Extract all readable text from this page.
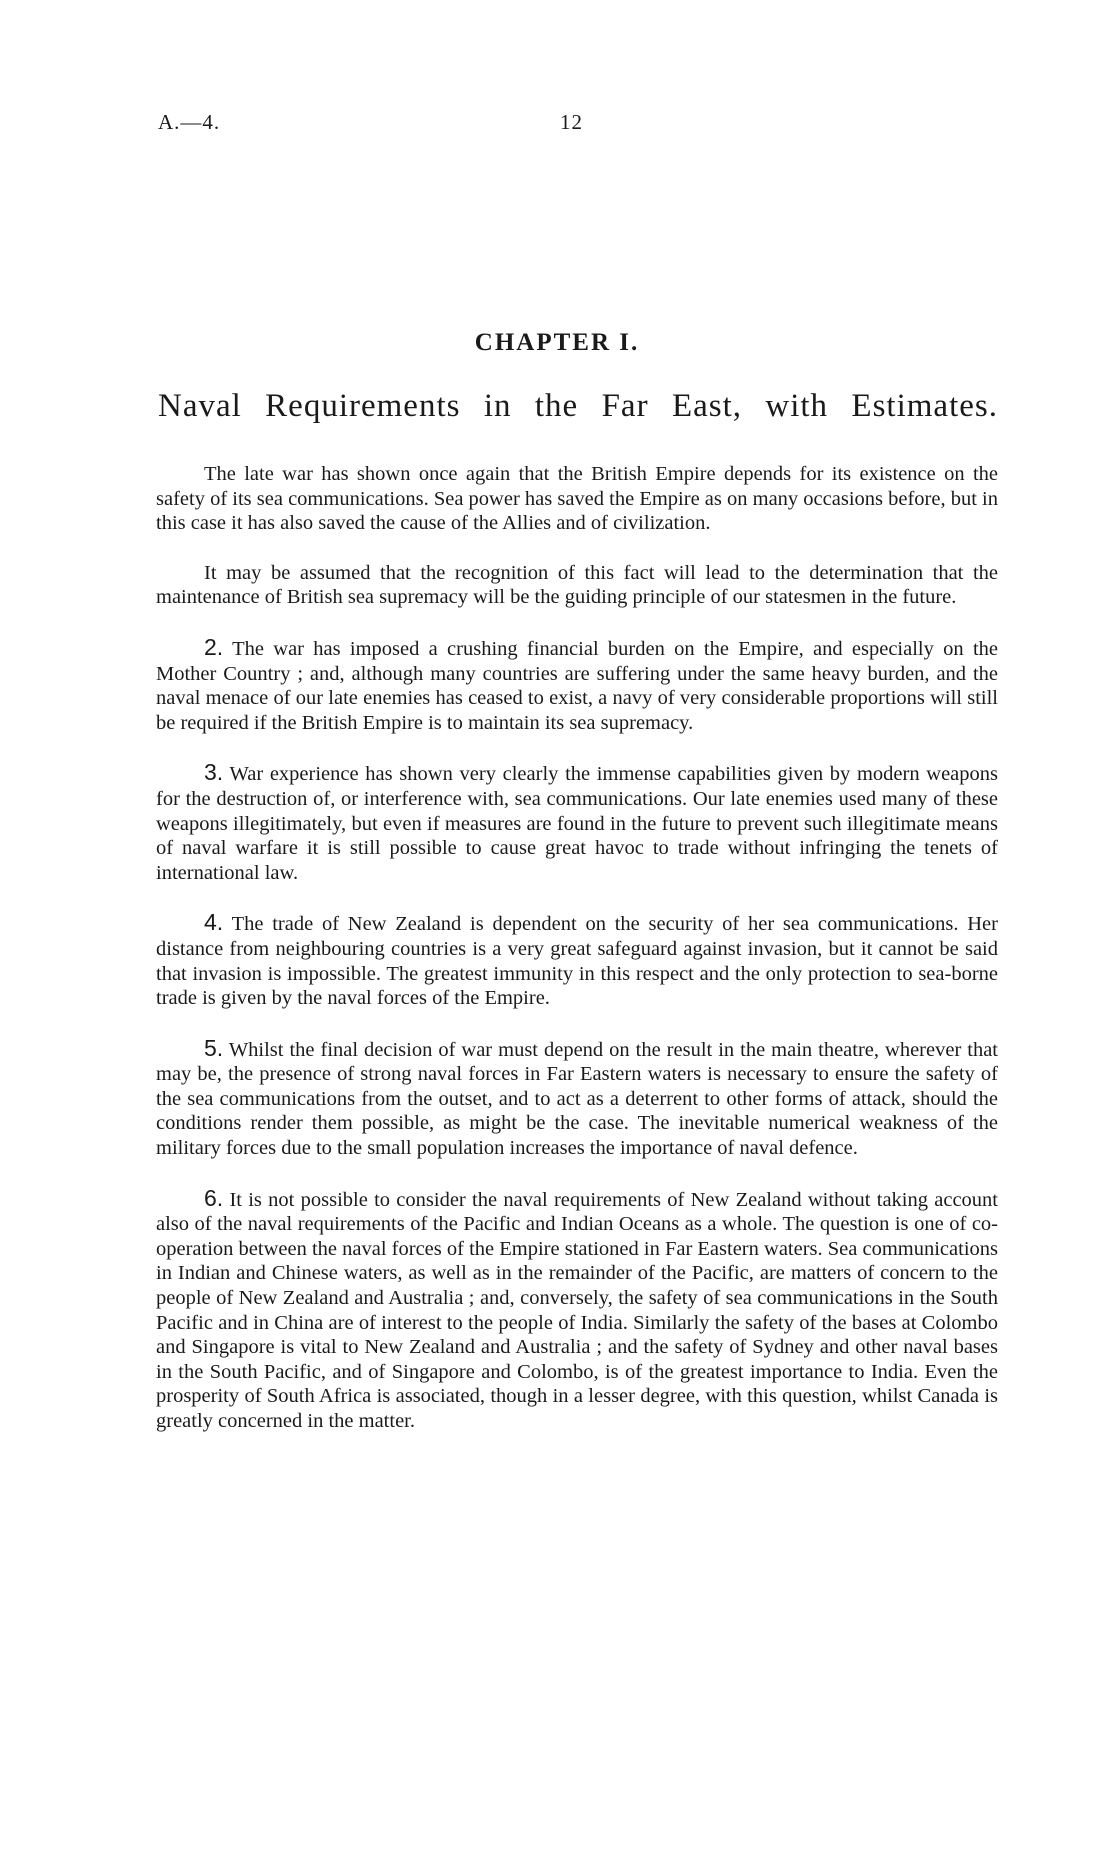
A.—4.	12
CHAPTER I.
Naval Requirements in the Far East, with Estimates.

The late war has shown once again that the British Empire depends for its existence on the safety of its sea communications. Sea power has saved the Empire as on many occasions before, but in this case it has also saved the cause of the Allies and of civilization.

It may be assumed that the recognition of this fact will lead to the determination that the maintenance of British sea supremacy will be the guiding principle of our statesmen in the future.

2. The war has imposed a crushing financial burden on the Empire, and especially on the Mother Country ; and, although many countries are suffering under the same heavy burden, and the naval menace of our late enemies has ceased to exist, a navy of very considerable proportions will still be required if the British Empire is to maintain its sea supremacy.

3. War experience has shown very clearly the immense capabilities given by modern weapons for the destruction of, or interference with, sea communications. Our late enemies used many of these weapons illegitimately, but even if measures are found in the future to prevent such illegitimate means of naval warfare it is still possible to cause great havoc to trade without infringing the tenets of international law.

4. The trade of New Zealand is dependent on the security of her sea communications. Her distance from neighbouring countries is a very great safeguard against invasion, but it cannot be said that invasion is impossible. The greatest immunity in this respect and the only protection to sea-borne trade is given by the naval forces of the Empire.

5. Whilst the final decision of war must depend on the result in the main theatre, wherever that may be, the presence of strong naval forces in Far Eastern waters is necessary to ensure the safety of the sea communications from the outset, and to act as a deterrent to other forms of attack, should the conditions render them possible, as might be the case. The inevitable numerical weakness of the military forces due to the small population increases the importance of naval defence.

6. It is not possible to consider the naval requirements of New Zealand without taking account also of the naval requirements of the Pacific and Indian Oceans as a whole. The question is one of co-operation between the naval forces of the Empire stationed in Far Eastern waters. Sea communications in Indian and Chinese waters, as well as in the remainder of the Pacific, are matters of concern to the people of New Zealand and Australia ; and, conversely, the safety of sea communications in the South Pacific and in China are of interest to the people of India. Similarly the safety of the bases at Colombo and Singapore is vital to New Zealand and Australia ; and the safety of Sydney and other naval bases in the South Pacific, and of Singapore and Colombo, is of the greatest importance to India. Even the prosperity of South Africa is associated, though in a lesser degree, with this question, whilst Canada is greatly concerned in the matter.
